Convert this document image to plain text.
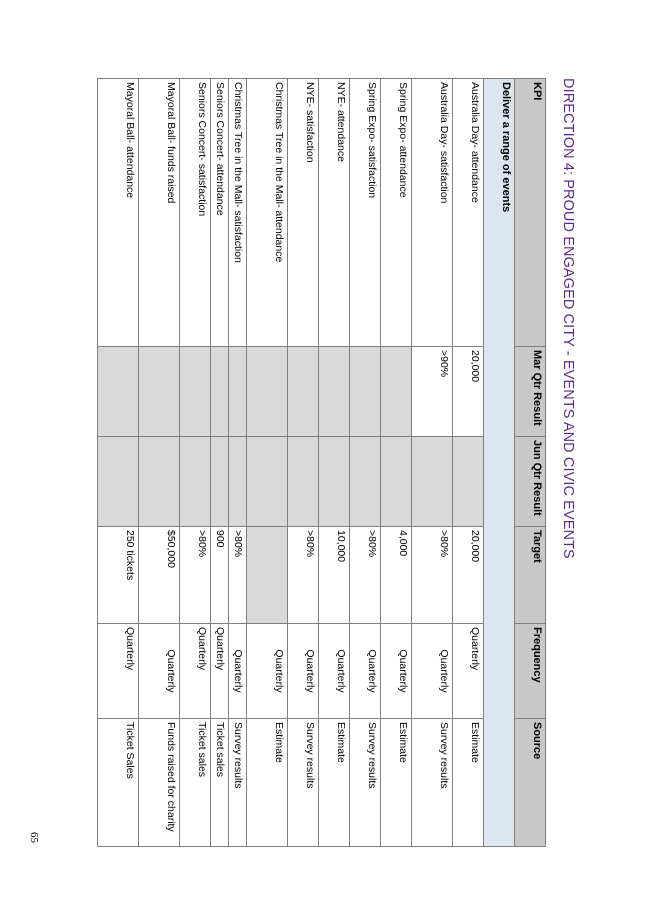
DIRECTION 4: PROUD ENGAGED CITY - EVENTS AND CIVIC EVENTS
KPI	Mar Qtr Result	Jun Qtr Result	Target	Frequency	Source
Deliver a range of events					
Australia Day- attendance	20,000		20,000	Quarterly	Estimate
Australia Day- satisfaction	>90%		>80%	Quarterly	Survey results
Spring Expo- attendance			4,000	Quarterly	Estimate
Spring Expo- satisfaction			>80%	Quarterly	Survey results
NYE- attendance			10,000	Quarterly	Estimate
NYE- satisfaction			>80%	Quarterly	Survey results
Christmas Tree in the Mall- attendance				Quarterly	Estimate
Christmas Tree in the Mall- satisfaction			>80%	Quarterly	Survey results
Seniors Concert- attendance			900	Quarterly	Ticket sales
Seniors Concert- satisfaction			>80%	Quarterly	Ticket sales
Mayoral Ball- funds raised			$50,000	Quarterly	Funds raised for charity
Mayoral Ball- attendance			250 tickets	Quarterly	Ticket Sales
65
